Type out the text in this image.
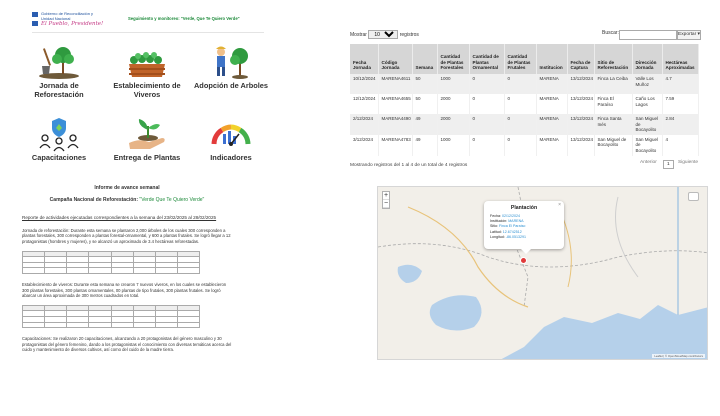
Gobierno de Reconciliación y Unidad Nacional
El Pueblo, Presidente!
Seguimiento y monitoreo: "Verde, Que Te Quiero Verde"
Jornada de Reforestación
Establecimiento de Viveros
Adopción de Arboles
Capacitaciones	Entrega de Plantas	Indicadores
Informe de avance semanal
Campaña Nacional de Reforestación: "Verde Que Te Quiero Verde"
Reporte de actividades ejecutadas correspondientes a la semana del 23/02/2025 al 28/02/2025

Jornada de reforestación: Durante esta semana se plantaron 2,000 árboles de los cuales 300 corresponden a plantas forestales, 300 corresponden a plantas forestal-ornamental, y 600 a plantas frutales. Se logró llegar a 12 protagonistas (hombres y mujeres), y se alcanzó un aproximado de 3.4 hectáreas reforestadas.

Establecimiento de viveros: Durante esta semana se crearon 7 nuevos viveros, en los cuales se establecieron 300 plantas forestales, 300 plantas ornamentales, 00 plantas de tipo frutales, 300 plantas frutales. Se logró abarcar un área aproximada de 300 metros cuadrados en total.

Capacitaciones: Se realizaron 20 capacitaciones, alcanzando a 20 protagonistas del género masculino y 30 protagonistas del género femenino, dando a los protagonistas el conocimiento con diversas temáticas acerca del cuido y mantenimiento de diversos cultivos, así como del cuido de la madre tierra.

Mostrar
10	registros	Buscar:	Exportar ▾
Fecha Jornada	Código Jornada	Semana	Cantidad de Plantas Forestales	Cantidad de Plantas Ornamental	Cantidad de Plantas Frutales	Institucion	Fecha de Captura	Sitio de Reforestación	Dirección Jornada	Hectáreas Aproximadas
10/12/2024	MARENA4611	50	1000	0	0	MARENA	13/12/2024	Finca La Ceiba	Valle Los Muñoz	4.7
12/12/2024	MARENA4655	50	2000	0	0	MARENA	13/12/2024	Finca El Paraíso	Caño Los Lagos	7.59
2/12/2024	MARENA4490	49	2000	0	0	MARENA	13/12/2024	Finca Santa Inés	San Miguel de Bocayolito	2.84
3/12/2024	MARENA4783	49	1000	0	0	MARENA	13/12/2024	San Miguel de Bocayolito	San Miguel de Bocayolito	4
Mostrando registros del 1 al 4 de un total de 4 registros
Anterior	1	Siguiente
+
−	×
Plantación
Fecha: 02/12/2024
Institución: MARENA
Sitio: Finca El Paraíso
Latitud: 12.6742512
Longitud: -86.0513291
Leaflet | © OpenStreetMap contributors
